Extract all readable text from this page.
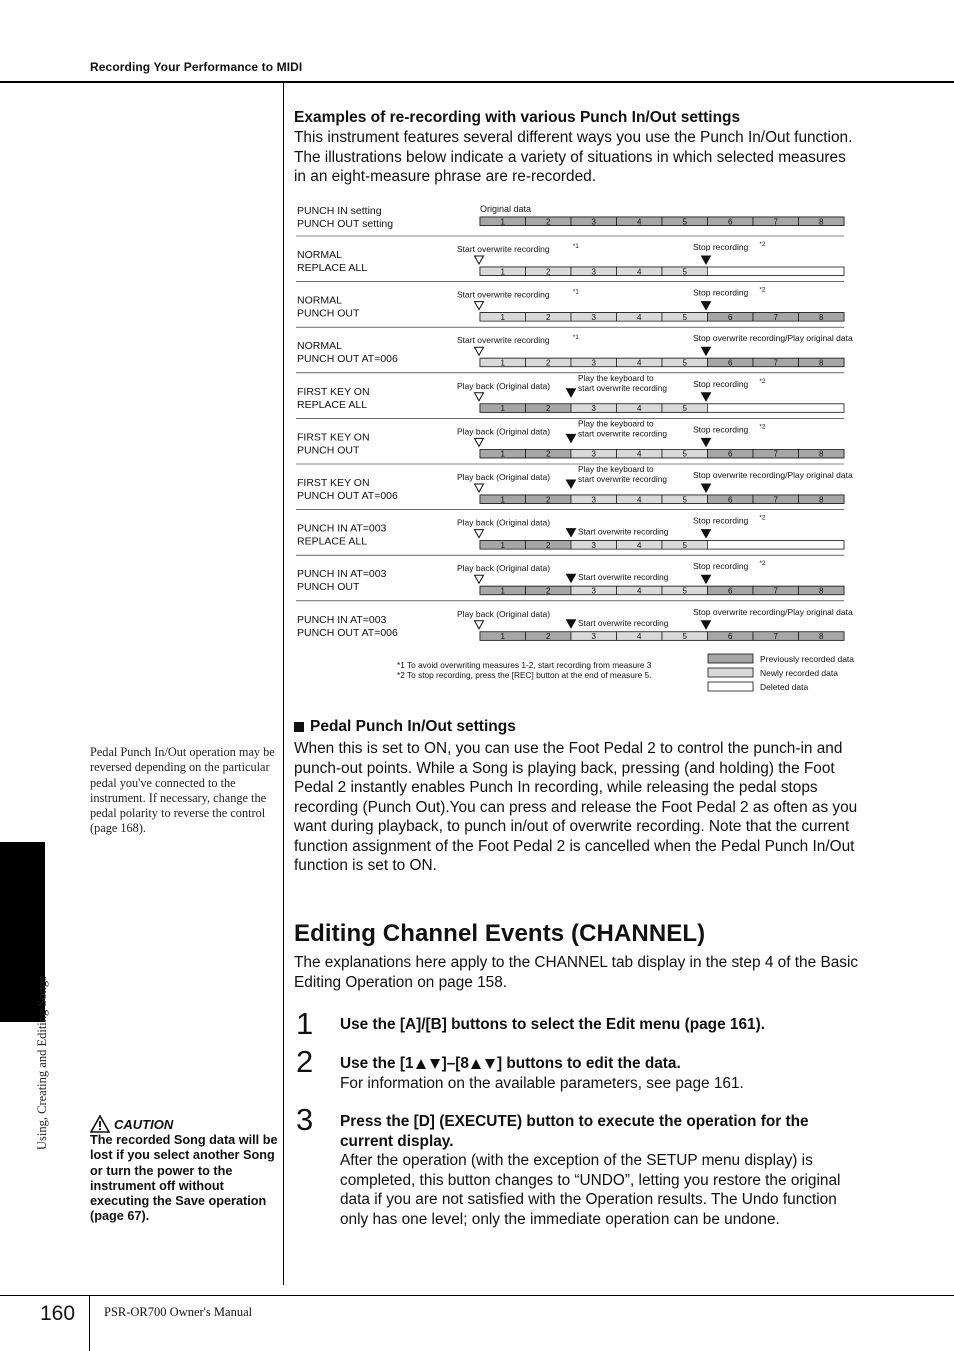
Recording Your Performance to MIDI
Using, Creating and Editing Songs
160 PSR-OR700 Owner's Manual
Pedal Punch In/Out operation may be reversed depending on the particular pedal you've connected to the instrument. If necessary, change the pedal polarity to reverse the control (page 168).
CAUTION
The recorded Song data will be lost if you select another Song or turn the power to the instrument off without executing the Save operation (page 67).
Examples of re-recording with various Punch In/Out settings
This instrument features several different ways you use the Punch In/Out function. The illustrations below indicate a variety of situations in which selected measures in an eight-measure phrase are re-recorded.
PUNCH IN setting
PUNCH OUT setting
Original data
1	2	3	4	5	6	7	8
NORMAL
REPLACE ALL
Start overwrite recording	*1	Stop recording *2
1	2	3	4	5
NORMAL
PUNCH OUT
Start overwrite recording	*1	Stop recording *2
1	2	3	4	5	6	7	8
NORMAL
PUNCH OUT AT=006
Start overwrite recording	*1	Stop overwrite recording/Play original data
1	2	3	4	5	6	7	8
FIRST KEY ON
REPLACE ALL
Play back (Original data)
Play the keyboard to
start overwrite recording	Stop recording *2
1	2	3	4	5
FIRST KEY ON
PUNCH OUT
Play back (Original data)
Play the keyboard to
start overwrite recording	Stop recording *2
1	2	3	4	5	6	7	8
FIRST KEY ON
PUNCH OUT AT=006
Play back (Original data)
Play the keyboard to
start overwrite recording	Stop overwrite recording/Play original data
1	2	3	4	5	6	7	8
PUNCH IN AT=003
REPLACE ALL
Play back (Original data)
Start overwrite recording
Stop recording *2
1	2	3	4	5
PUNCH IN AT=003
PUNCH OUT
Play back (Original data)
Start overwrite recording
Stop recording *2
1	2	3	4	5	6	7	8
PUNCH IN AT=003
PUNCH OUT AT=006
Play back (Original data)
Start overwrite recording
Stop overwrite recording/Play original data
1	2	3	4	5	6	7	8
*1 To avoid overwriting measures 1-2, start recording from measure 3
*2 To stop recording, press the [REC] button at the end of measure 5.
Previously recorded data
Newly recorded data
Deleted data
Pedal Punch In/Out settings
When this is set to ON, you can use the Foot Pedal 2 to control the punch-in and punch-out points. While a Song is playing back, pressing (and holding) the Foot Pedal 2 instantly enables Punch In recording, while releasing the pedal stops recording (Punch Out).You can press and release the Foot Pedal 2 as often as you want during playback, to punch in/out of overwrite recording. Note that the current function assignment of the Foot Pedal 2 is cancelled when the Pedal Punch In/Out function is set to ON.
Editing Channel Events (CHANNEL)
The explanations here apply to the CHANNEL tab display in the step 4 of the Basic Editing Operation on page 158.
1 Use the [A]/[B] buttons to select the Edit menu (page 161).
2 Use the [1 ]–[8 ] buttons to edit the data.
For information on the available parameters, see page 161.
3 Press the [D] (EXECUTE) button to execute the operation for the current display.
After the operation (with the exception of the SETUP menu display) is completed, this button changes to “UNDO”, letting you restore the original data if you are not satisfied with the Operation results. The Undo function only has one level; only the immediate operation can be undone.
